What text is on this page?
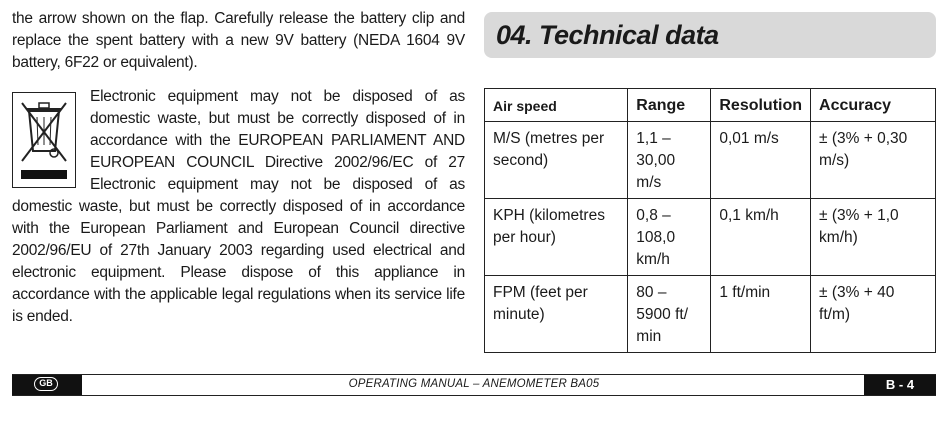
the arrow shown on the flap. Carefully release the battery clip and replace the spent battery with a new 9V battery (NEDA 1604 9V battery, 6F22 or equivalent).

Electronic equipment may not be disposed of as domestic waste, but must be correctly disposed of in accordance with the EUROPEAN PARLIAMENT AND EUROPEAN COUNCIL Directive 2002/96/EC of 27 Electronic equipment may not be disposed of as domestic waste, but must be correctly disposed of in accordance with the European Parliament and European Council directive 2002/96/EU of 27th January 2003 regarding used electrical and electronic equipment. Please dispose of this appliance in accordance with the applicable legal regulations when its service life is ended.

04. Technical data
Air speed	Range	Resolution	Accuracy
M/S (metres per second)	1,1 – 30,00 m/s	0,01 m/s	± (3% + 0,30 m/s)
KPH (kilometres per hour)	0,8 – 108,0 km/h	0,1 km/h	± (3% + 1,0 km/h)
FPM (feet per minute)	80 – 5900 ft/ min	1 ft/min	± (3% + 40 ft/m)
GB	OPERATING MANUAL – ANEMOMETER BA05	B - 4
